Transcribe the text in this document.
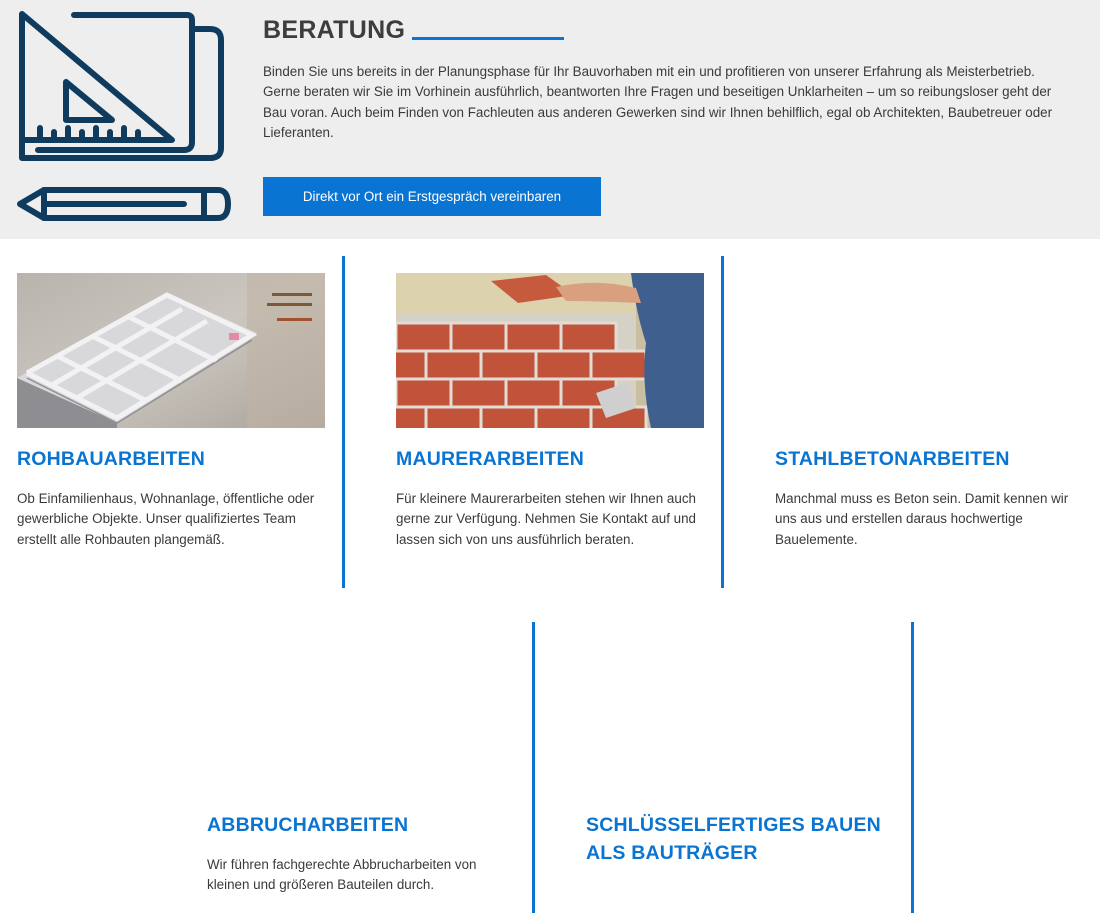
BERATUNG

Binden Sie uns bereits in der Planungsphase für Ihr Bauvorhaben mit ein und profitieren von unserer Erfahrung als Meisterbetrieb. Gerne beraten wir Sie im Vorhinein ausführlich, beantworten Ihre Fragen und beseitigen Unklarheiten – um so reibungsloser geht der Bau voran. Auch beim Finden von Fachleuten aus anderen Gewerken sind wir Ihnen behilflich, egal ob Architekten, Baubetreuer oder Lieferanten.

Direkt vor Ort ein Erstgespräch vereinbaren
ROHBAUARBEITEN

Ob Einfamilienhaus, Wohnanlage, öffentliche oder gewerbliche Objekte. Unser qualifiziertes Team erstellt alle Rohbauten plangemäß.

MAURERARBEITEN

Für kleinere Maurerarbeiten stehen wir Ihnen auch gerne zur Verfügung. Nehmen Sie Kontakt auf und lassen sich von uns ausführlich beraten.

STAHLBETONARBEITEN

Manchmal muss es Beton sein. Damit kennen wir uns aus und erstellen daraus hochwertige Bauelemente.

ABBRUCHARBEITEN

Wir führen fachgerechte Abbrucharbeiten von kleinen und größeren Bauteilen durch.

SCHLÜSSELFERTIGES BAUEN ALS BAUTRÄGER
